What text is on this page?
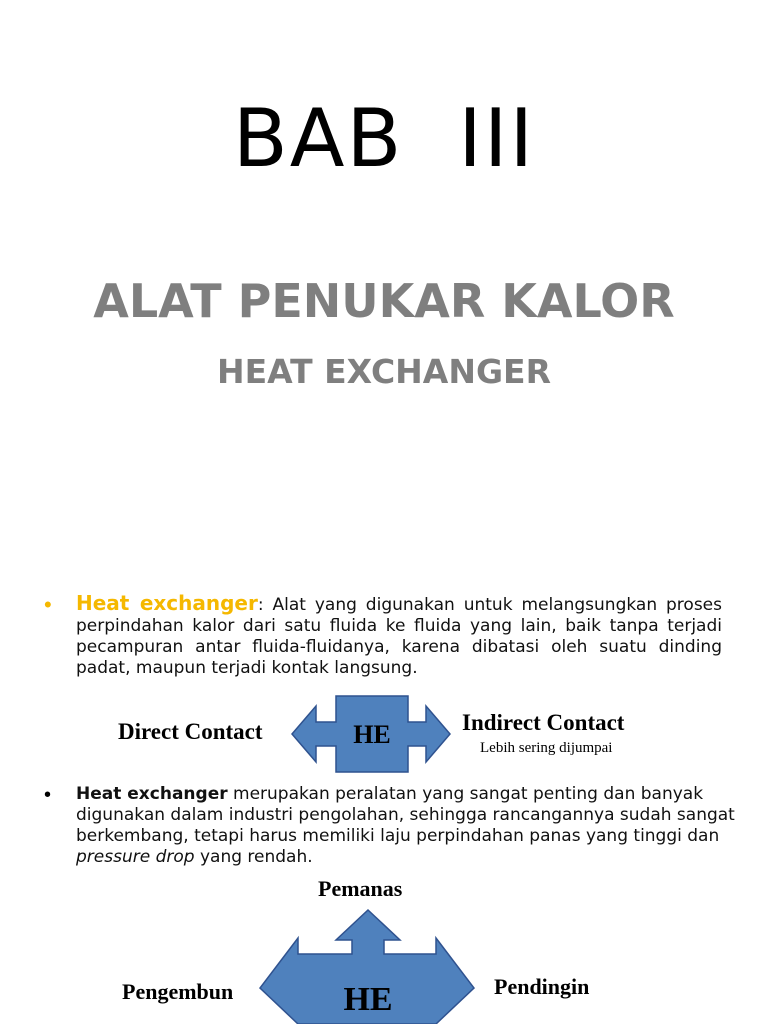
BAB  III
ALAT PENUKAR KALOR
HEAT EXCHANGER
• Heat exchanger: Alat yang digunakan untuk melangsungkan proses perpindahan kalor dari satu fluida ke fluida yang lain, baik tanpa terjadi pecampuran antar fluida-fluidanya, karena dibatasi oleh suatu dinding padat, maupun terjadi kontak langsung.
HE
Direct Contact	Indirect Contact
Lebih sering dijumpai
• Heat exchanger merupakan peralatan yang sangat penting dan banyak digunakan dalam industri pengolahan, sehingga rancangannya sudah sangat berkembang, tetapi harus memiliki laju perpindahan panas yang tinggi dan pressure drop yang rendah.
HE
Pemanas
Pengembun	Pendingin
